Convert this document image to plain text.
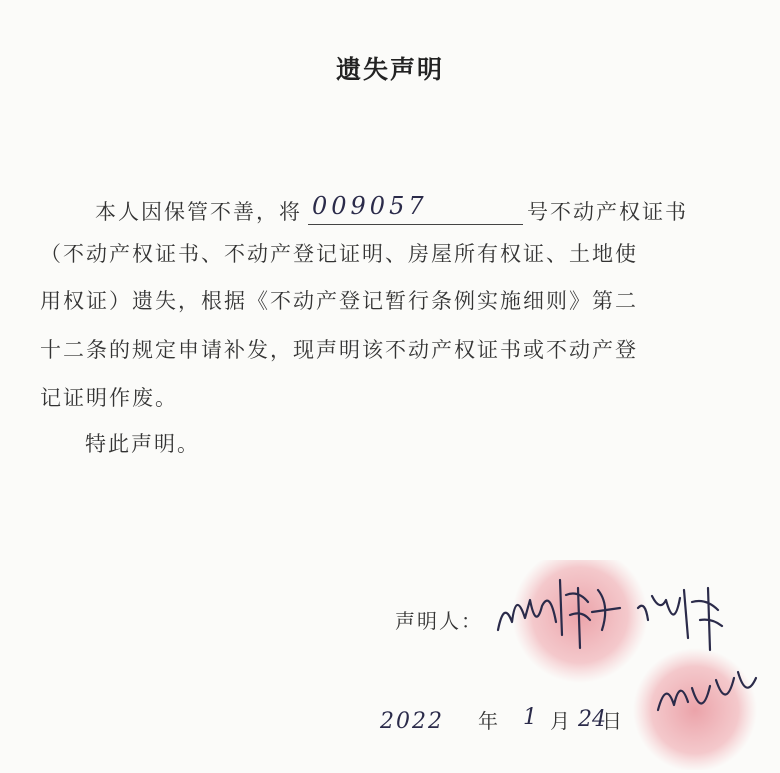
遗失声明
本人因保管不善，将 009057	号不动产权证书
（不动产权证书、不动产登记证明、房屋所有权证、土地使
用权证）遗失，根据《不动产登记暂行条例实施细则》第二
十二条的规定申请补发，现声明该不动产权证书或不动产登
记证明作废。
特此声明。
声明人：
2022 年 1 月 24
日
